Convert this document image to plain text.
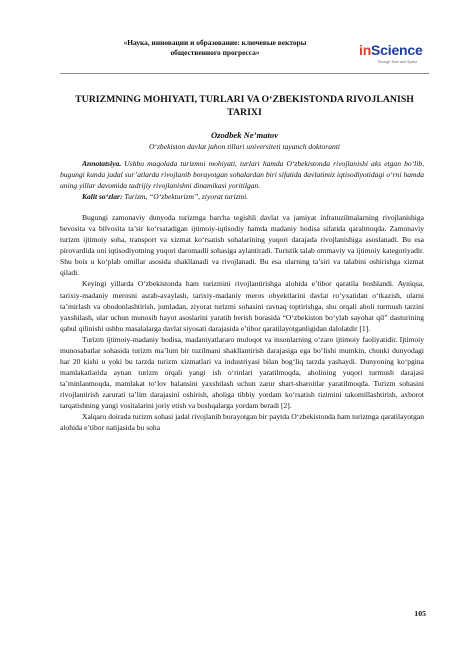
«Наука, инновации и образование: ключевые векторы общественного прогресса»	inScience
Through Time and Space
TURIZMNING MOHIYATI, TURLARI VA O‘ZBEKISTONDA RIVOJLANISH TARIXI
Ozodbek Ne’matov
O‘zbekiston davlat jahon tillari universiteti tayanch doktoranti

Annotatsiya. Ushbu maqolada turizmni mohiyati, turlari hamda O‘zbekistonda rivojlanishi aks etgan bo‘lib, bugungi kunda jadal sur’atlarda rivojlanib borayotgan sohalardan biri sifatida davlatimiz iqtisodiyotidagi o‘rni hamda uning yillar davomida tadrijiy rivojlanishni dinamikasi yoritilgan.

Kalit so‘zlar: Turizm, “O‘zbekturizm”, ziyorat turizmi.

Bugungi zamonaviy dunyoda turizmga barcha tegishli davlat va jamiyat infratuzilmalarning rivojlanishiga bevosita va bilvosita ta’sir ko‘rsatadigan ijtimoiy-iqtisodiy hamda madaniy hodisa sifatida qaralmoqda. Zamonaviy turizm ijtimoiy soha, transport va xizmat ko‘rsatish sohalarining yuqori darajada rivojlanishiga asoslanadi. Bu esa pirovardida uni iqtisodiyotning yuqori daromadli sohasiga aylantiradi. Turistik talab ommaviy va ijtimoiy kategoriyadir. Shu bois u ko‘plab omillar asosida shakllanadi va rivojlanadi. Bu esa ularning ta’siri va talabini oshirishga xizmat qiladi.

Keyingi yillarda O‘zbekistonda ham turizmini rivojlantirishga alohida e’tibor qaratila boshlandi. Ayniqsa, tarixiy-madaniy merosni asrab-avaylash, tarixiy-madaniy meros obyektlarini davlat ro‘yxatidan o‘tkazish, ularni ta’mirlash va obodonlashtirish, jumladan, ziyorat turizmi sohasini ravnaq toptirishga, shu orqali aholi turmush tarzini yaxshilash, ular uchun munosib hayot asoslarini yaratib berish borasida “O‘zbekiston bo‘ylab sayohat qil” dasturining qabul qilinishi ushbu masalalarga davlat siyosati darajasida e’tibor qaratilayotganligidan dalolatdir [1].

Turizm ijtimoiy-madaniy hodisa, madaniyatlararo muloqot va insonlarning o‘zaro ijtimoiy faoliyatidir. Ijtimoiy munosabatlar sohasida turizm ma’lum bir tuzilmani shakllantirish darajasiga ega bo‘lishi mumkin, chunki dunyodagi har 20 kishi u yoki bu tarzda turizm xizmatlari va industriyasi bilan bog‘liq tarzda yashaydi. Dunyoning ko‘pgina mamlakatlarida aynan turizm orqali yangi ish o‘rinlari yaratilmoqda, aholining yuqori turmush darajasi ta’minlanmoqda, mamlakat to‘lov balansini yaxshilash uchun zarur shart-sharoitlar yaratilmoqda. Turizm sohasini rivojlantirish zarurati ta’lim darajasini oshirish, aholiga tibbiy yordam ko‘rsatish tizimini takomillashtirish, axborot tarqatishning yangi vositalarini joriy etish va boshqalarga yordam beradi [2].

Xalqaro doirada turizm sohasi jadal rivojlanib borayotgan bir paytda O‘zbekistonda ham turizmga qaratilayotgan alohida e’tibor natijasida bu soha

105
